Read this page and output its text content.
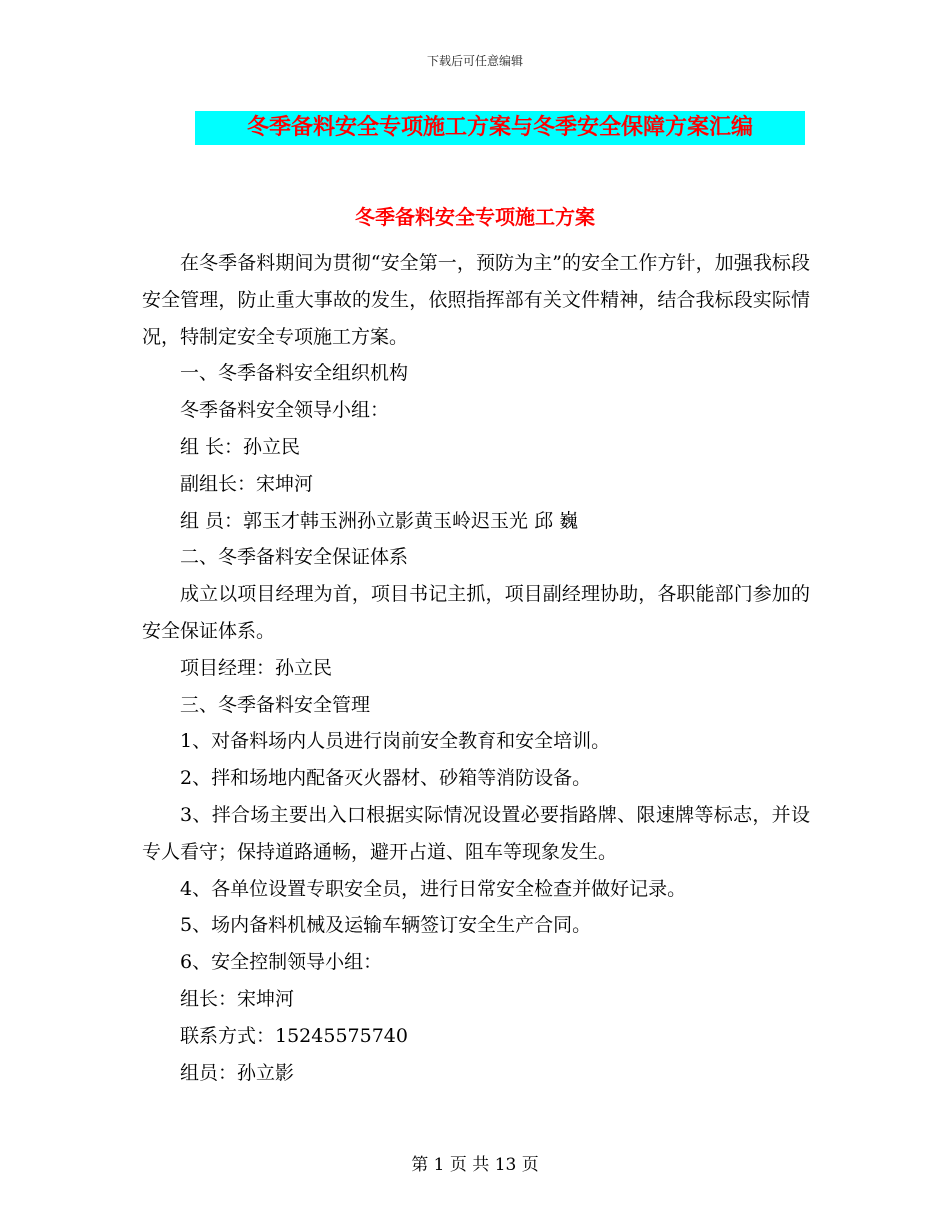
下载后可任意编辑
冬季备料安全专项施工方案与冬季安全保障方案汇编
冬季备料安全专项施工方案

在冬季备料期间为贯彻“安全第一，预防为主”的安全工作方针，加强我标段安全管理，防止重大事故的发生，依照指挥部有关文件精神，结合我标段实际情况，特制定安全专项施工方案。

一、冬季备料安全组织机构

冬季备料安全领导小组：

组 长：孙立民

副组长：宋坤河

组 员：郭玉才韩玉洲孙立影黄玉岭迟玉光 邱 巍

二、冬季备料安全保证体系

成立以项目经理为首，项目书记主抓，项目副经理协助，各职能部门参加的安全保证体系。

项目经理：孙立民

三、冬季备料安全管理

1、对备料场内人员进行岗前安全教育和安全培训。

2、拌和场地内配备灭火器材、砂箱等消防设备。

3、拌合场主要出入口根据实际情况设置必要指路牌、限速牌等标志，并设专人看守；保持道路通畅，避开占道、阻车等现象发生。

4、各单位设置专职安全员，进行日常安全检查并做好记录。

5、场内备料机械及运输车辆签订安全生产合同。

6、安全控制领导小组：

组长：宋坤河

联系方式：15245575740

组员：孙立影

第 1 页 共 13 页
